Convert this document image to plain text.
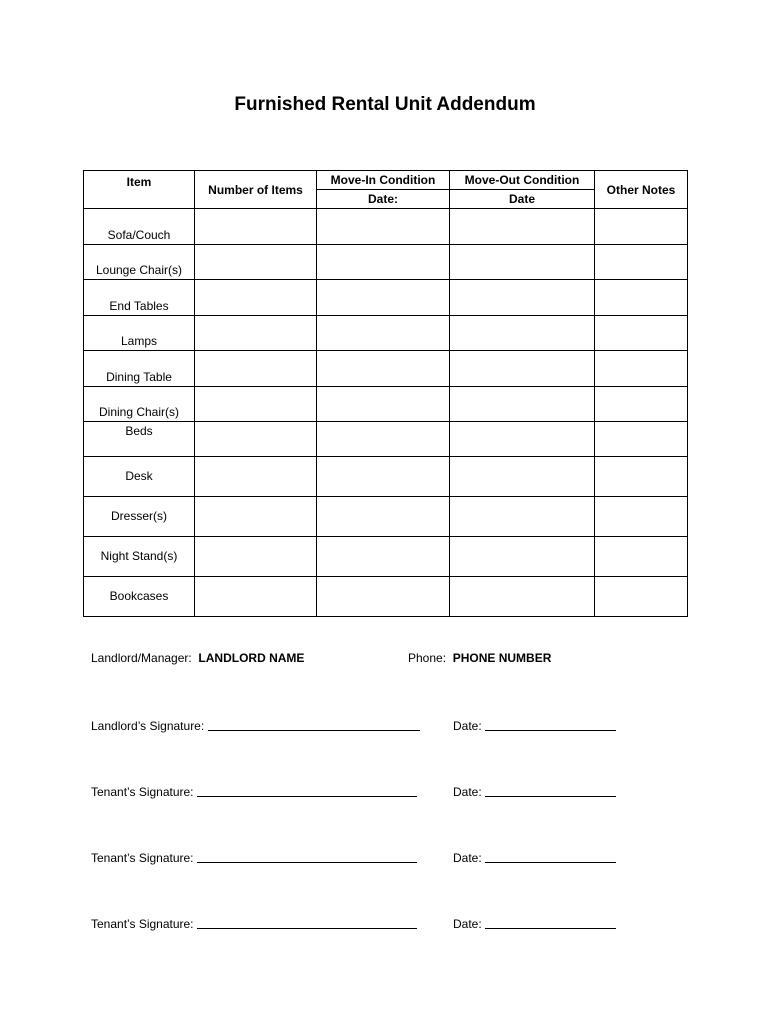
Furnished Rental Unit Addendum
Item	Number of Items	Move-In Condition	Move-Out Condition	Other Notes
		Date:	Date	
Sofa/Couch				
Lounge Chair(s)				
End Tables				
Lamps				
Dining Table				
Dining Chair(s)				
Beds				
Desk				
Dresser(s)				
Night Stand(s)				
Bookcases				
Landlord/Manager: LANDLORD NAME	Phone: PHONE NUMBER
Landlord’s Signature:	Date:
Tenant’s Signature:	Date:
Tenant’s Signature:	Date:
Tenant’s Signature:	Date:
